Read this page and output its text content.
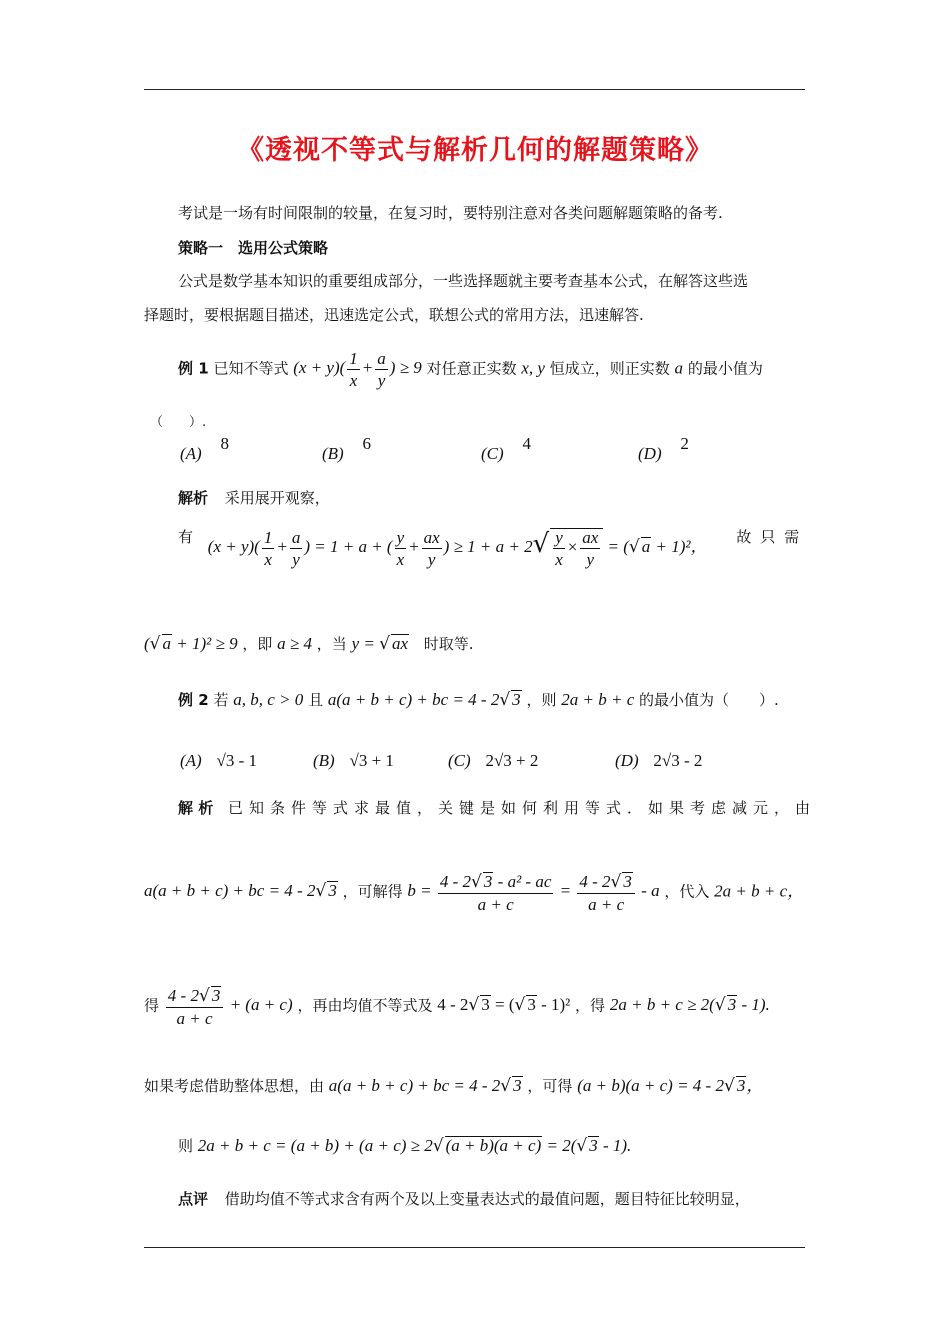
《透视不等式与解析几何的解题策略》
考试是一场有时间限制的较量，在复习时，要特别注意对各类问题解题策略的备考.
策略一　选用公式策略
公式是数学基本知识的重要组成部分，一些选择题就主要考查基本公式，在解答这些选
择题时，要根据题目描述，迅速选定公式，联想公式的常用方法，迅速解答.
例 1 已知不等式 $(x + y)( \frac{1}{x} + \frac{a}{y}$ ) ≥ 9 对任意正实数 x, y 恒成立，则正实数 a 的最小值为
（　　）.
(A) 8
(B) 6
(C) 4
(D) 2
解析 采用展开观察，
有 $(x + y)( \frac{1}{x} + \frac{a}{y}$ ) = 1 + a + ( $\frac{y}{x} + \frac{ax}{y}$ ) ≥ $1 + a + 2√ \frac{y}{x} \times \frac{ax}{y}$ = (√ a + 1)²， 故只需
(√ a + 1)² ≥ 9 ，即 a ≥ 4 ，当 y = √ ax 时取等.
例 2 若 a, b, c > 0 且 a(a + b + c) + bc = 4 - 2√ 3 ，则 2a + b + c 的最小值为（　　）.
(A) √3 - 1	(B) √3 + 1	(C) 2√3 + 2	(D) 2√3 - 2
解 析 已知条件等式求最值，关键是如何利用等式．如果考虑减元，由
a(a + b + c) + bc = 4 - 2√ 3 ，可解得 $b = \frac{\text{4 - 2√ 3 - a² - ac}}{a + c} = \frac{4 - 2√ 3}{a + c} - a$ ，代入 2a + b + c，
得 $\frac{4 - 2√ 3}{a + c} + (a + c)$ ，再由均值不等式及 4 - 2√ 3 = (√ 3 - 1)² ，得 2a + b + c ≥ 2(√ 3 - 1).
如果考虑借助整体思想，由 a(a + b + c) + bc = 4 - 2√ 3 ，可得 (a + b)(a + c) = 4 - 2√ 3，
则 2a + b + c = (a + b) + (a + c) ≥ 2√ (a + b)(a + c) = 2(√ 3 - 1).
点评 借助均值不等式求含有两个及以上变量表达式的最值问题，题目特征比较明显，
